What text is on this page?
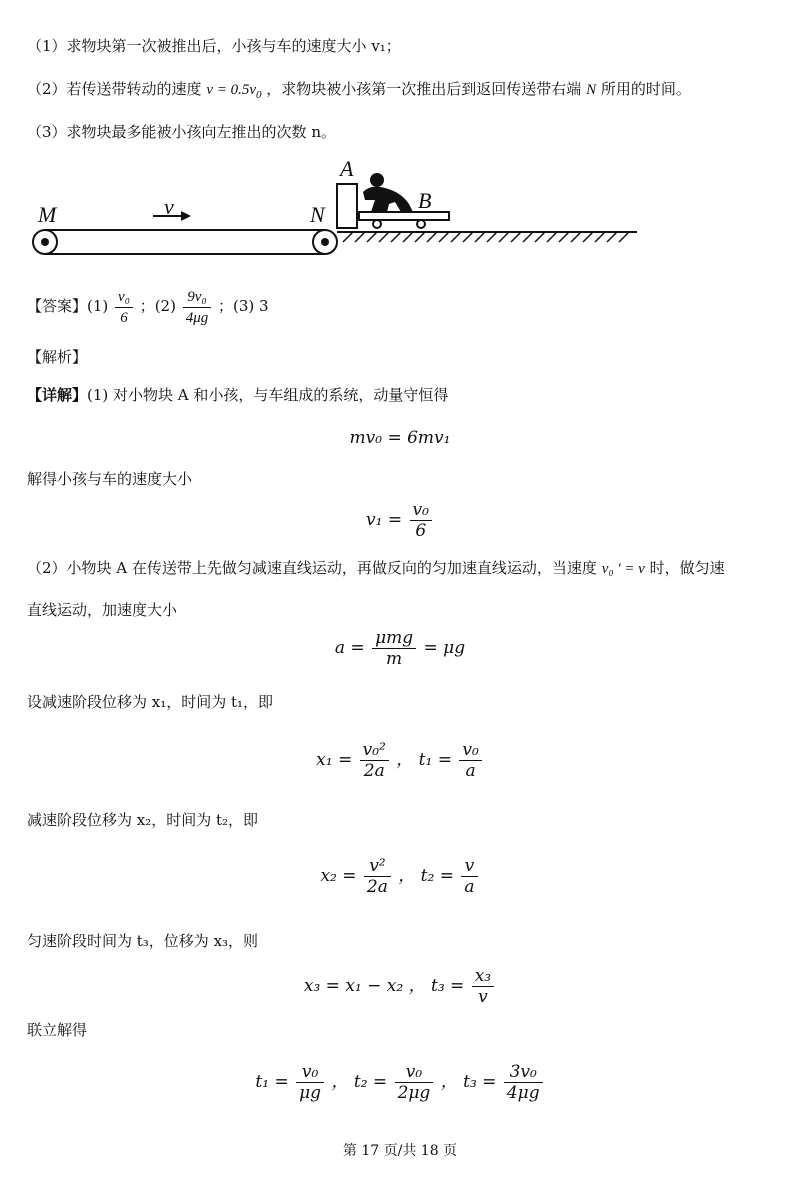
（1）求物块第一次被推出后，小孩与车的速度大小 v₁；
（2）若传送带转动的速度 $v = 0.5v_0$ ，求物块被小孩第一次推出后到返回传送带右端 N 所用的时间。
（3）求物块最多能被小孩向左推出的次数 n。
M	v	N
A
B
【答案】$(1) \frac{\text{v₀}}{6}$ ；$(2) \frac{\text{9v₀}}{4\mu g}$ ；(3) 3
【解析】
【详解】(1) 对小物块 A 和小孩，与车组成的系统，动量守恒得
mv₀ = 6mv₁
解得小孩与车的速度大小
$v_1 = \frac{\text{v₀}}{6}$
（2）小物块 A 在传送带上先做匀减速直线运动，再做反向的匀加速直线运动，当速度 v₀ ' = v 时，做匀速
直线运动，加速度大小
$a = \frac{\text{μmg}}{m} = \mu g$
设减速阶段位移为 x₁，时间为 t₁，即
$x_1 = \frac{\text{v₀²}}{2a}$ ， $t_1 = \frac{\text{v₀}}{a}$
减速阶段位移为 x₂，时间为 t₂，即
$x_2 = \frac{\text{v²}}{2a}$ ， $t_2 = \frac{v}{a}$
匀速阶段时间为 t₃，位移为 x₃，则
x₃ = x₁ − x₂ ， $t_3 = \frac{\text{x₃}}{v}$
联立解得
$t_1 = \frac{\text{v₀}}{\mu g}$ ， $t_2 = \frac{\text{v₀}}{2\mu g}$ ， $t_3 = \frac{\text{3v₀}}{4\mu g}$
第 17 页/共 18 页
